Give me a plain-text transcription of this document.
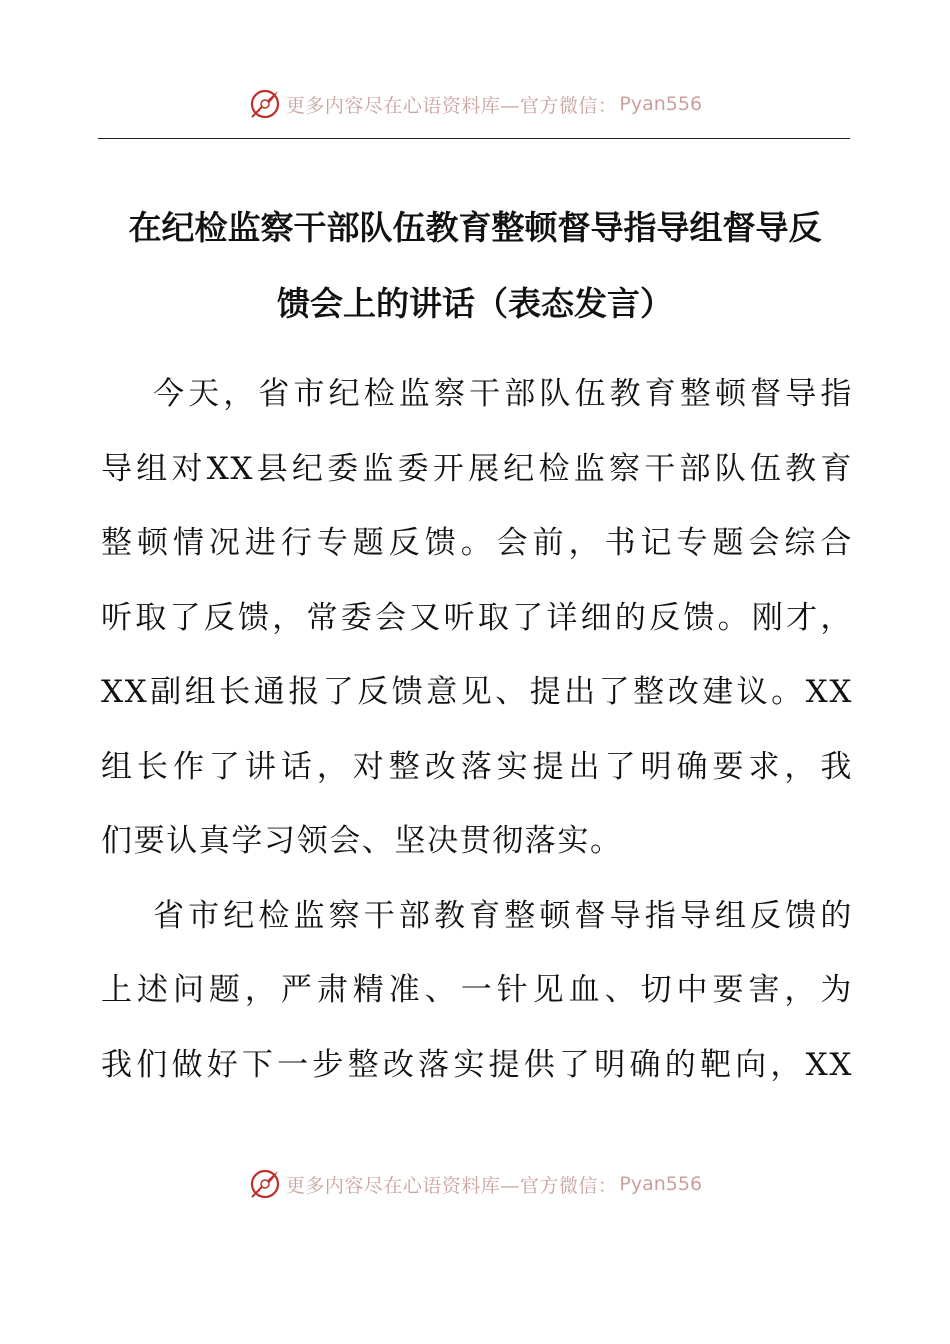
更多内容尽在心语资料库—官方微信： Pyan556
在纪检监察干部队伍教育整顿督导指导组督导反
馈会上的讲话（表态发言）
今天，省市纪检监察干部队伍教育整顿督导指
导组对XX县纪委监委开展纪检监察干部队伍教育
整顿情况进行专题反馈。会前，书记专题会综合
听取了反馈，常委会又听取了详细的反馈。刚才，
XX副组长通报了反馈意见、提出了整改建议。XX
组长作了讲话，对整改落实提出了明确要求，我
们要认真学习领会、坚决贯彻落实。
省市纪检监察干部教育整顿督导指导组反馈的
上述问题，严肃精准、一针见血、切中要害，为
我们做好下一步整改落实提供了明确的靶向，XX
更多内容尽在心语资料库—官方微信： Pyan556
